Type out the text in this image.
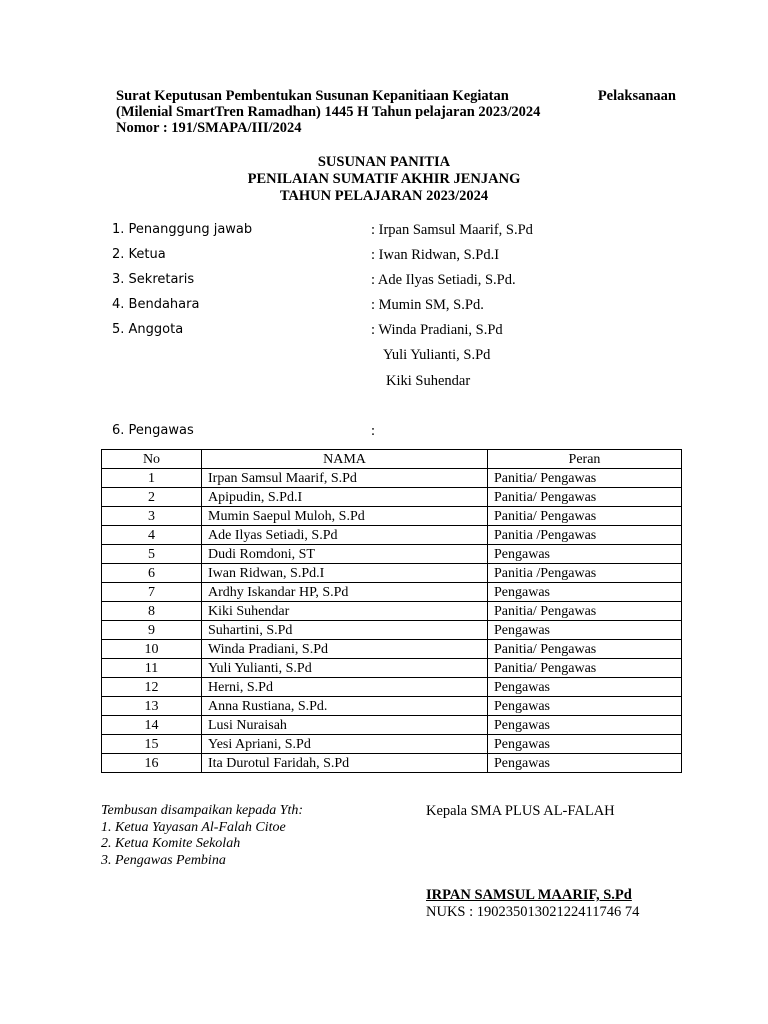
Surat Keputusan Pembentukan Susunan Kepanitiaan Kegiatan	Pelaksanaan
(Milenial SmartTren Ramadhan) 1445 H Tahun pelajaran 2023/2024
Nomor : 191/SMAPA/III/2024
SUSUNAN PANITIA
PENILAIAN SUMATIF AKHIR JENJANG
TAHUN PELAJARAN 2023/2024
1. Penanggung jawab	: Irpan Samsul Maarif, S.Pd
2. Ketua	: Iwan Ridwan, S.Pd.I
3. Sekretaris	: Ade Ilyas Setiadi, S.Pd.
4. Bendahara	: Mumin SM, S.Pd.
5. Anggota	: Winda Pradiani, S.Pd
Yuli Yulianti, S.Pd
Kiki Suhendar
6. Pengawas	:
No	NAMA	Peran
1	Irpan Samsul Maarif, S.Pd	Panitia/ Pengawas
2	Apipudin, S.Pd.I	Panitia/ Pengawas
3	Mumin Saepul Muloh, S.Pd	Panitia/ Pengawas
4	Ade Ilyas Setiadi, S.Pd	Panitia /Pengawas
5	Dudi Romdoni, ST	Pengawas
6	Iwan Ridwan, S.Pd.I	Panitia /Pengawas
7	Ardhy Iskandar HP, S.Pd	Pengawas
8	Kiki Suhendar	Panitia/ Pengawas
9	Suhartini, S.Pd	Pengawas
10	Winda Pradiani, S.Pd	Panitia/ Pengawas
11	Yuli Yulianti, S.Pd	Panitia/ Pengawas
12	Herni, S.Pd	Pengawas
13	Anna Rustiana, S.Pd.	Pengawas
14	Lusi Nuraisah	Pengawas
15	Yesi Apriani, S.Pd	Pengawas
16	Ita Durotul Faridah, S.Pd	Pengawas
Tembusan disampaikan kepada Yth:
1. Ketua Yayasan Al-Falah Citoe
2. Ketua Komite Sekolah
3. Pengawas Pembina
Kepala SMA PLUS AL-FALAH
IRPAN SAMSUL MAARIF, S.Pd
NUKS : 19023501302122411746 74
